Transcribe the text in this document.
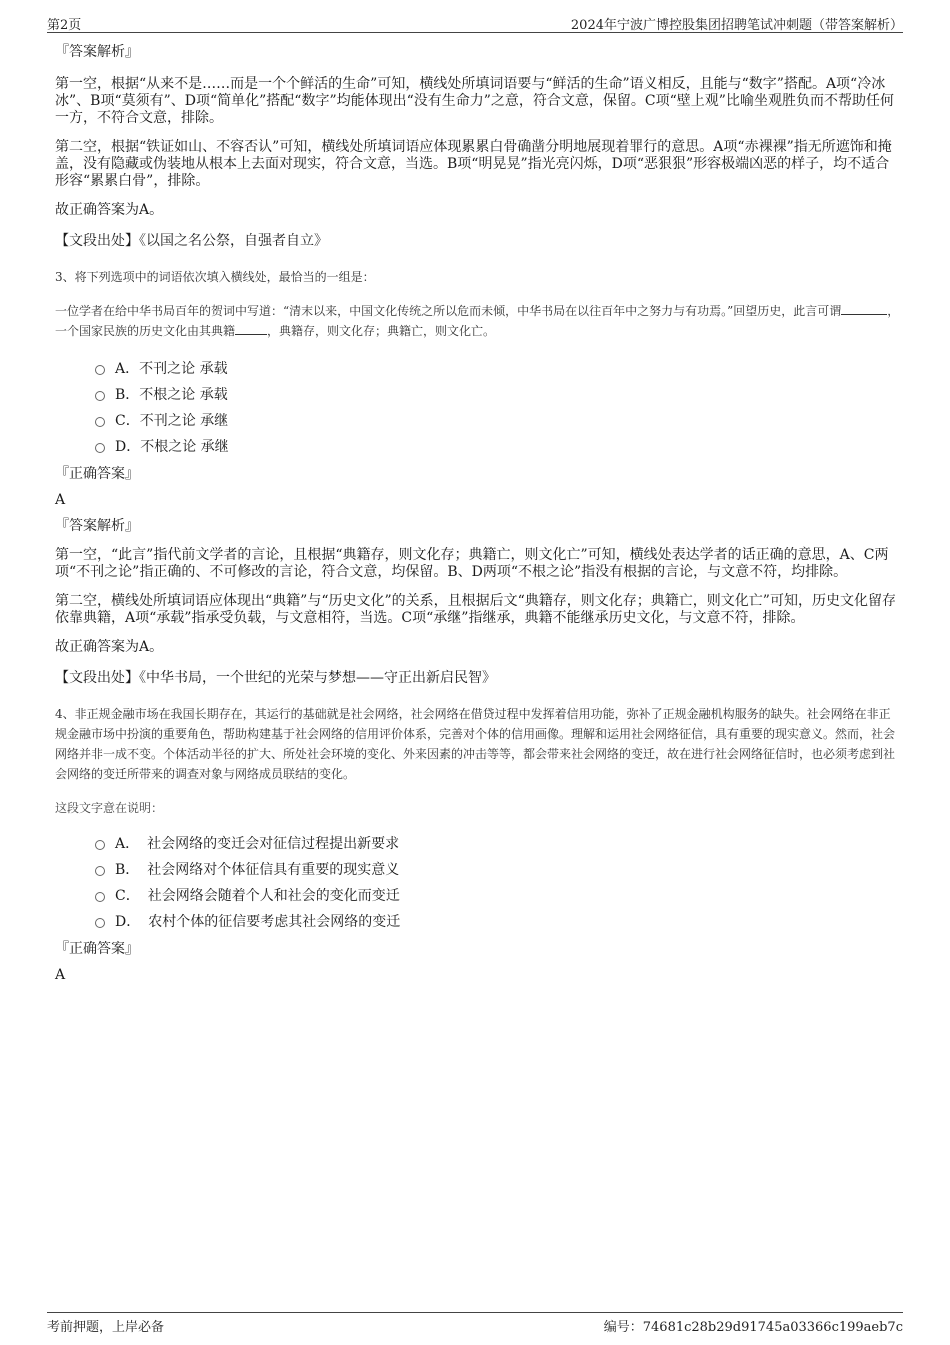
第2页	2024年宁波广博控股集团招聘笔试冲刺题（带答案解析）
『答案解析』

第一空，根据“从来不是……而是一个个鲜活的生命”可知，横线处所填词语要与“鲜活的生命”语义相反，且能与“数字”搭配。A项“冷冰冰”、B项“莫须有”、D项“简单化”搭配“数字”均能体现出“没有生命力”之意，符合文意，保留。C项“壁上观”比喻坐观胜负而不帮助任何一方，不符合文意，排除。

第二空，根据“铁证如山、不容否认”可知，横线处所填词语应体现累累白骨确凿分明地展现着罪行的意思。A项“赤裸裸”指无所遮饰和掩盖，没有隐藏或伪装地从根本上去面对现实，符合文意，当选。B项“明晃晃”指光亮闪烁，D项“恶狠狠”形容极端凶恶的样子，均不适合形容“累累白骨”，排除。

故正确答案为A。

【文段出处】《以国之名公祭，自强者自立》
3、将下列选项中的词语依次填入横线处，最恰当的一组是：
一位学者在给中华书局百年的贺词中写道：“清末以来，中国文化传统之所以危而未倾，中华书局在以往百年中之努力与有功焉。”回望历史，此言可谓	，一个国家民族的历史文化由其典籍	，典籍存，则文化存；典籍亡，则文化亡。
A． 不刊之论 承载
B． 不根之论 承载
C． 不刊之论 承继
D． 不根之论 承继
『正确答案』
A
『答案解析』

第一空，“此言”指代前文学者的言论，且根据“典籍存，则文化存；典籍亡，则文化亡”可知，横线处表达学者的话正确的意思，A、C两项“不刊之论”指正确的、不可修改的言论，符合文意，均保留。B、D两项“不根之论”指没有根据的言论，与文意不符，均排除。

第二空，横线处所填词语应体现出“典籍”与“历史文化”的关系，且根据后文“典籍存，则文化存；典籍亡，则文化亡”可知，历史文化留存依靠典籍，A项“承载”指承受负载，与文意相符，当选。C项“承继”指继承，典籍不能继承历史文化，与文意不符，排除。

故正确答案为A。

【文段出处】《中华书局，一个世纪的光荣与梦想——守正出新启民智》
4、非正规金融市场在我国长期存在，其运行的基础就是社会网络，社会网络在借贷过程中发挥着信用功能，弥补了正规金融机构服务的缺失。社会网络在非正规金融市场中扮演的重要角色，帮助构建基于社会网络的信用评价体系，完善对个体的信用画像。理解和运用社会网络征信，具有重要的现实意义。然而，社会网络并非一成不变。个体活动半径的扩大、所处社会环境的变化、外来因素的冲击等等，都会带来社会网络的变迁，故在进行社会网络征信时，也必须考虑到社会网络的变迁所带来的调查对象与网络成员联结的变化。
这段文字意在说明：
A． 社会网络的变迁会对征信过程提出新要求
B． 社会网络对个体征信具有重要的现实意义
C． 社会网络会随着个人和社会的变化而变迁
D． 农村个体的征信要考虑其社会网络的变迁
『正确答案』
A
考前押题，上岸必备	编号：74681c28b29d91745a03366c199aeb7c
